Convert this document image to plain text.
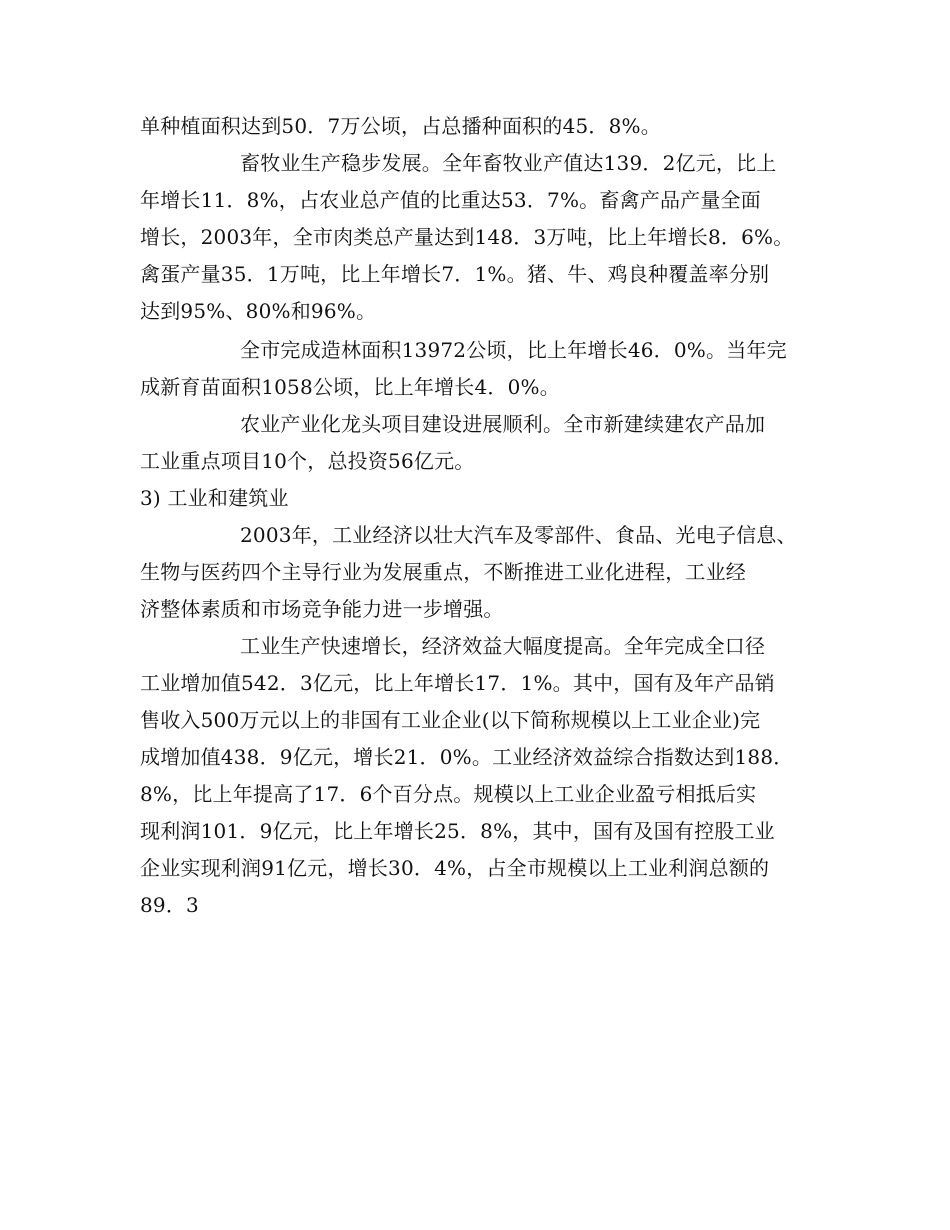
单种植面积达到50．7万公顷，占总播种面积的45．8%。
畜牧业生产稳步发展。全年畜牧业产值达139．2亿元，比上
年增长11．8%，占农业总产值的比重达53．7%。畜禽产品产量全面
增长，2003年，全市肉类总产量达到148．3万吨，比上年增长8．6%。
禽蛋产量35．1万吨，比上年增长7．1%。猪、牛、鸡良种覆盖率分别
达到95%、80%和96%。
全市完成造林面积13972公顷，比上年增长46．0%。当年完
成新育苗面积1058公顷，比上年增长4．0%。
农业产业化龙头项目建设进展顺利。全市新建续建农产品加
工业重点项目10个，总投资56亿元。
3) 工业和建筑业
2003年，工业经济以壮大汽车及零部件、食品、光电子信息、
生物与医药四个主导行业为发展重点，不断推进工业化进程，工业经
济整体素质和市场竞争能力进一步增强。
工业生产快速增长，经济效益大幅度提高。全年完成全口径
工业增加值542．3亿元，比上年增长17．1%。其中，国有及年产品销
售收入500万元以上的非国有工业企业(以下简称规模以上工业企业)完
成增加值438．9亿元，增长21．0%。工业经济效益综合指数达到188．
8%，比上年提高了17．6个百分点。规模以上工业企业盈亏相抵后实
现利润101．9亿元，比上年增长25．8%，其中，国有及国有控股工业
企业实现利润91亿元，增长30．4%，占全市规模以上工业利润总额的
89．3
